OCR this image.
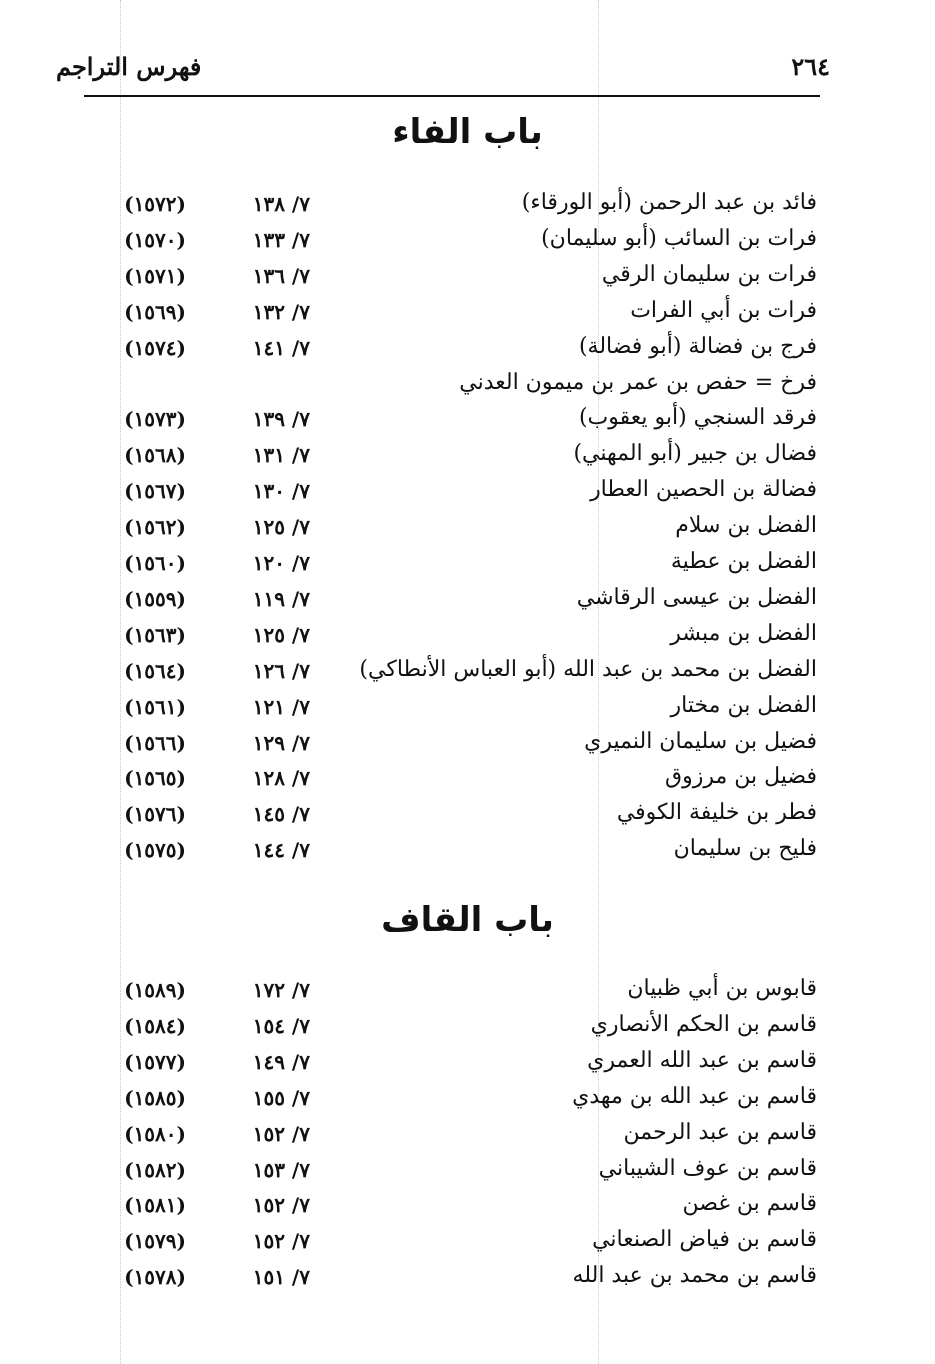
٢٦٤
فهرس التراجم
باب الفاء
فائد بن عبد الرحمن (أبو الورقاء)
٧/ ١٣٨
(١٥٧٢)
فرات بن السائب (أبو سليمان)
٧/ ١٣٣
(١٥٧٠)
فرات بن سليمان الرقي
٧/ ١٣٦
(١٥٧١)
فرات بن أبي الفرات
٧/ ١٣٢
(١٥٦٩)
فرج بن فضالة (أبو فضالة)
٧/ ١٤١
(١٥٧٤)
فرخ = حفص بن عمر بن ميمون العدني
فرقد السنجي (أبو يعقوب)
٧/ ١٣٩
(١٥٧٣)
فضال بن جبير (أبو المهني)
٧/ ١٣١
(١٥٦٨)
فضالة بن الحصين العطار
٧/ ١٣٠
(١٥٦٧)
الفضل بن سلام
٧/ ١٢٥
(١٥٦٢)
الفضل بن عطية
٧/ ١٢٠
(١٥٦٠)
الفضل بن عيسى الرقاشي
٧/ ١١٩
(١٥٥٩)
الفضل بن مبشر
٧/ ١٢٥
(١٥٦٣)
الفضل بن محمد بن عبد الله (أبو العباس الأنطاكي)
٧/ ١٢٦
(١٥٦٤)
الفضل بن مختار
٧/ ١٢١
(١٥٦١)
فضيل بن سليمان النميري
٧/ ١٢٩
(١٥٦٦)
فضيل بن مرزوق
٧/ ١٢٨
(١٥٦٥)
فطر بن خليفة الكوفي
٧/ ١٤٥
(١٥٧٦)
فليح بن سليمان
٧/ ١٤٤
(١٥٧٥)
باب القاف
قابوس بن أبي ظبيان
٧/ ١٧٢
(١٥٨٩)
قاسم بن الحكم الأنصاري
٧/ ١٥٤
(١٥٨٤)
قاسم بن عبد الله العمري
٧/ ١٤٩
(١٥٧٧)
قاسم بن عبد الله بن مهدي
٧/ ١٥٥
(١٥٨٥)
قاسم بن عبد الرحمن
٧/ ١٥٢
(١٥٨٠)
قاسم بن عوف الشيباني
٧/ ١٥٣
(١٥٨٢)
قاسم بن غصن
٧/ ١٥٢
(١٥٨١)
قاسم بن فياض الصنعاني
٧/ ١٥٢
(١٥٧٩)
قاسم بن محمد بن عبد الله
٧/ ١٥١
(١٥٧٨)
